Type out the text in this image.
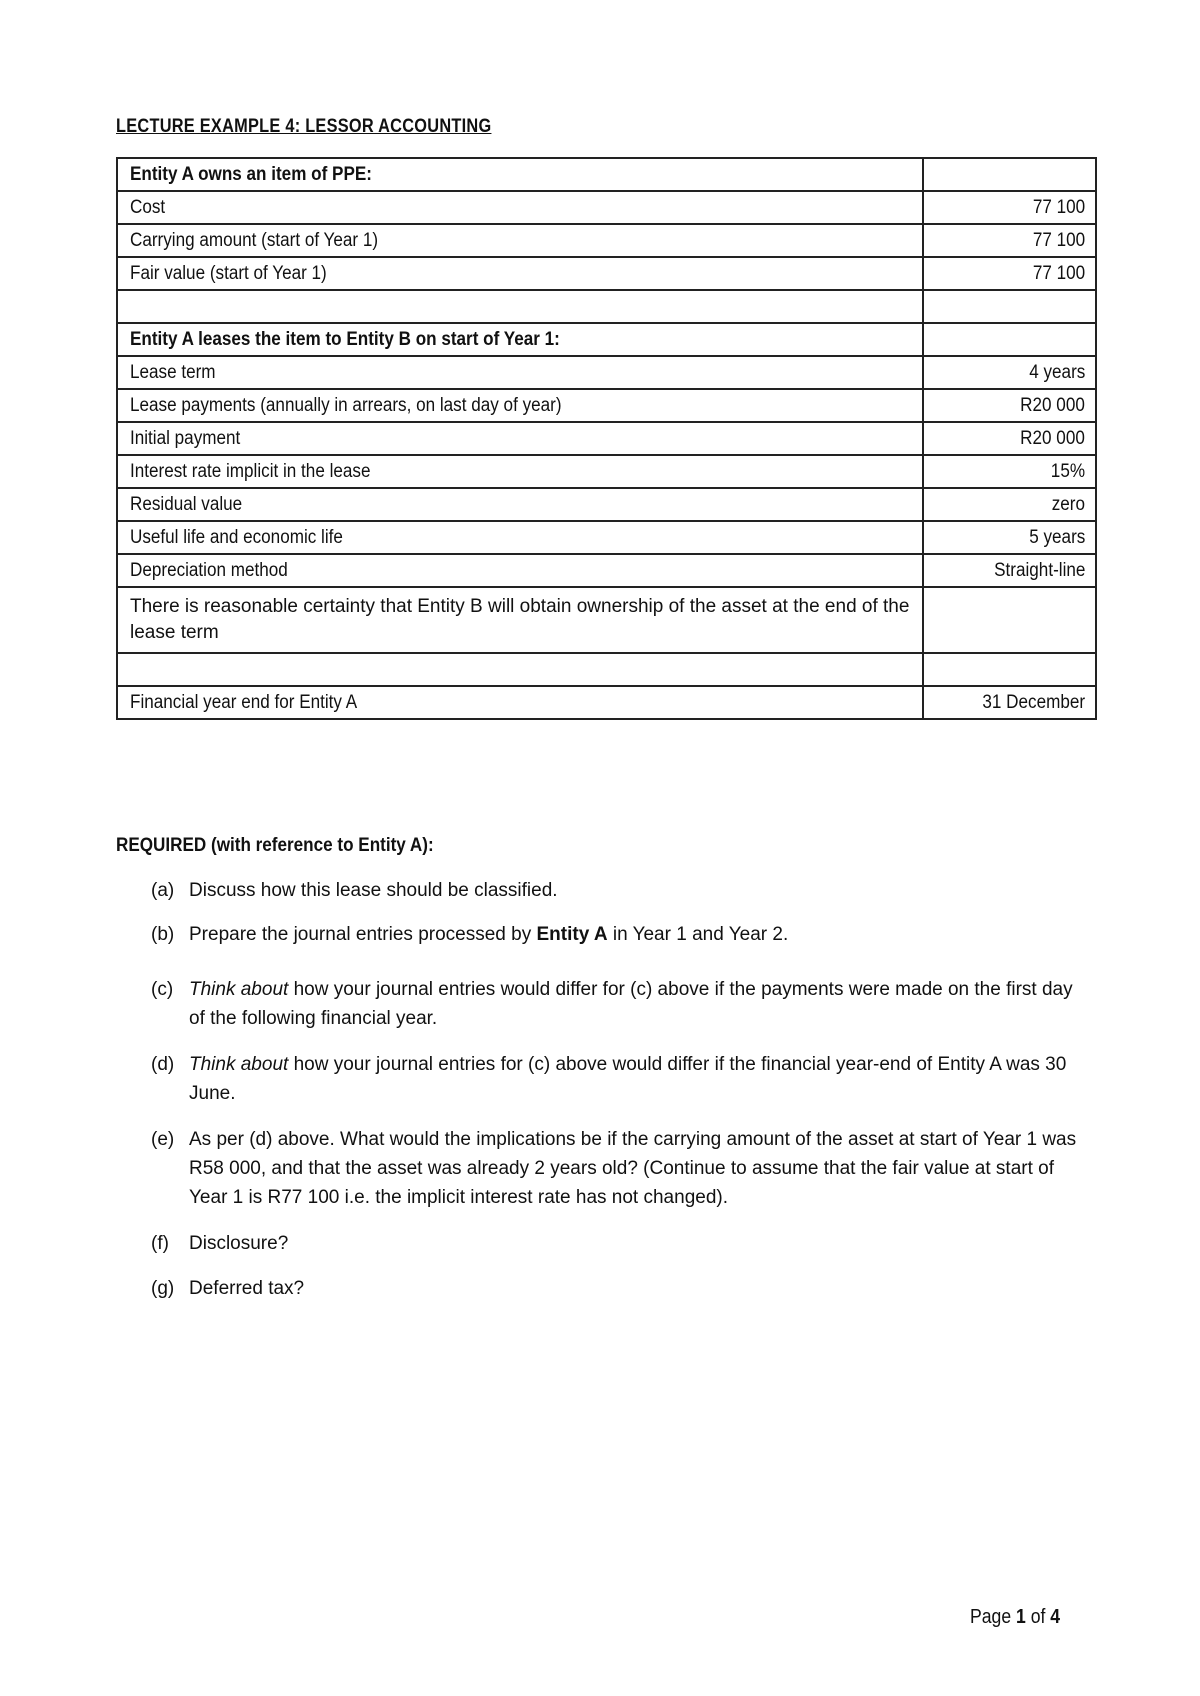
LECTURE EXAMPLE 4: LESSOR ACCOUNTING
Entity A owns an item of PPE:	
Cost	77 100
Carrying amount (start of Year 1)	77 100
Fair value (start of Year 1)	77 100

Entity A leases the item to Entity B on start of Year 1:	
Lease term	4 years
Lease payments (annually in arrears, on last day of year)	R20 000
Initial payment	R20 000
Interest rate implicit in the lease	15%
Residual value	zero
Useful life and economic life	5 years
Depreciation method	Straight-line

There is reasonable certainty that Entity B will obtain ownership of the asset at the end of the lease term	

Financial year end for Entity A	31 December
REQUIRED (with reference to Entity A):
(a) Discuss how this lease should be classified.
(b) Prepare the journal entries processed by Entity A in Year 1 and Year 2.
(c) Think about how your journal entries would differ for (c) above if the payments were made on the first day of the following financial year.
(d) Think about how your journal entries for (c) above would differ if the financial year-end of Entity A was 30 June.
(e) As per (d) above. What would the implications be if the carrying amount of the asset at start of Year 1 was R58 000, and that the asset was already 2 years old? (Continue to assume that the fair value at start of Year 1 is R77 100 i.e. the implicit interest rate has not changed).
(f)	Disclosure?
(g) Deferred tax?
Page 1 of 4
